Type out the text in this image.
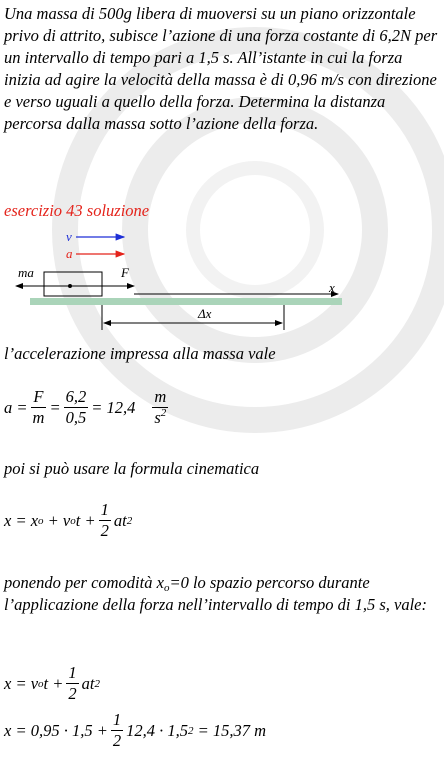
Una massa di 500g libera di muoversi su un piano orizzontale privo di attrito, subisce l’azione di una forza costante di 6,2N per un intervallo di tempo pari a 1,5 s. All’istante in cui la forza inizia ad agire la velocità della massa è di 0,96 m/s con direzione e verso uguali a quello della forza. Determina la distanza percorsa dalla massa sotto l’azione della forza.
esercizio 43 soluzione
v
a
ma	F
x
Δx
l’accelerazione impressa alla massa vale
$a = \frac{F}{m} = \frac{6,2}{0,5} = 12,4 \frac{m}{s^2}$
poi si può usare la formula cinematica
x = x o
+ v o $t + \frac{1}{2}$ at 2
ponendo per comodità $x_o=0$ lo spazio percorso durante l’applicazione della forza nell’intervallo di tempo di 1,5 s, vale:
x = v o $t + \frac{1}{2}$ at 2
$x = 0,95 \cdot 1,5 + \frac{1}{2} 12,4 \cdot 1,5$ 2
= 15,37 m
